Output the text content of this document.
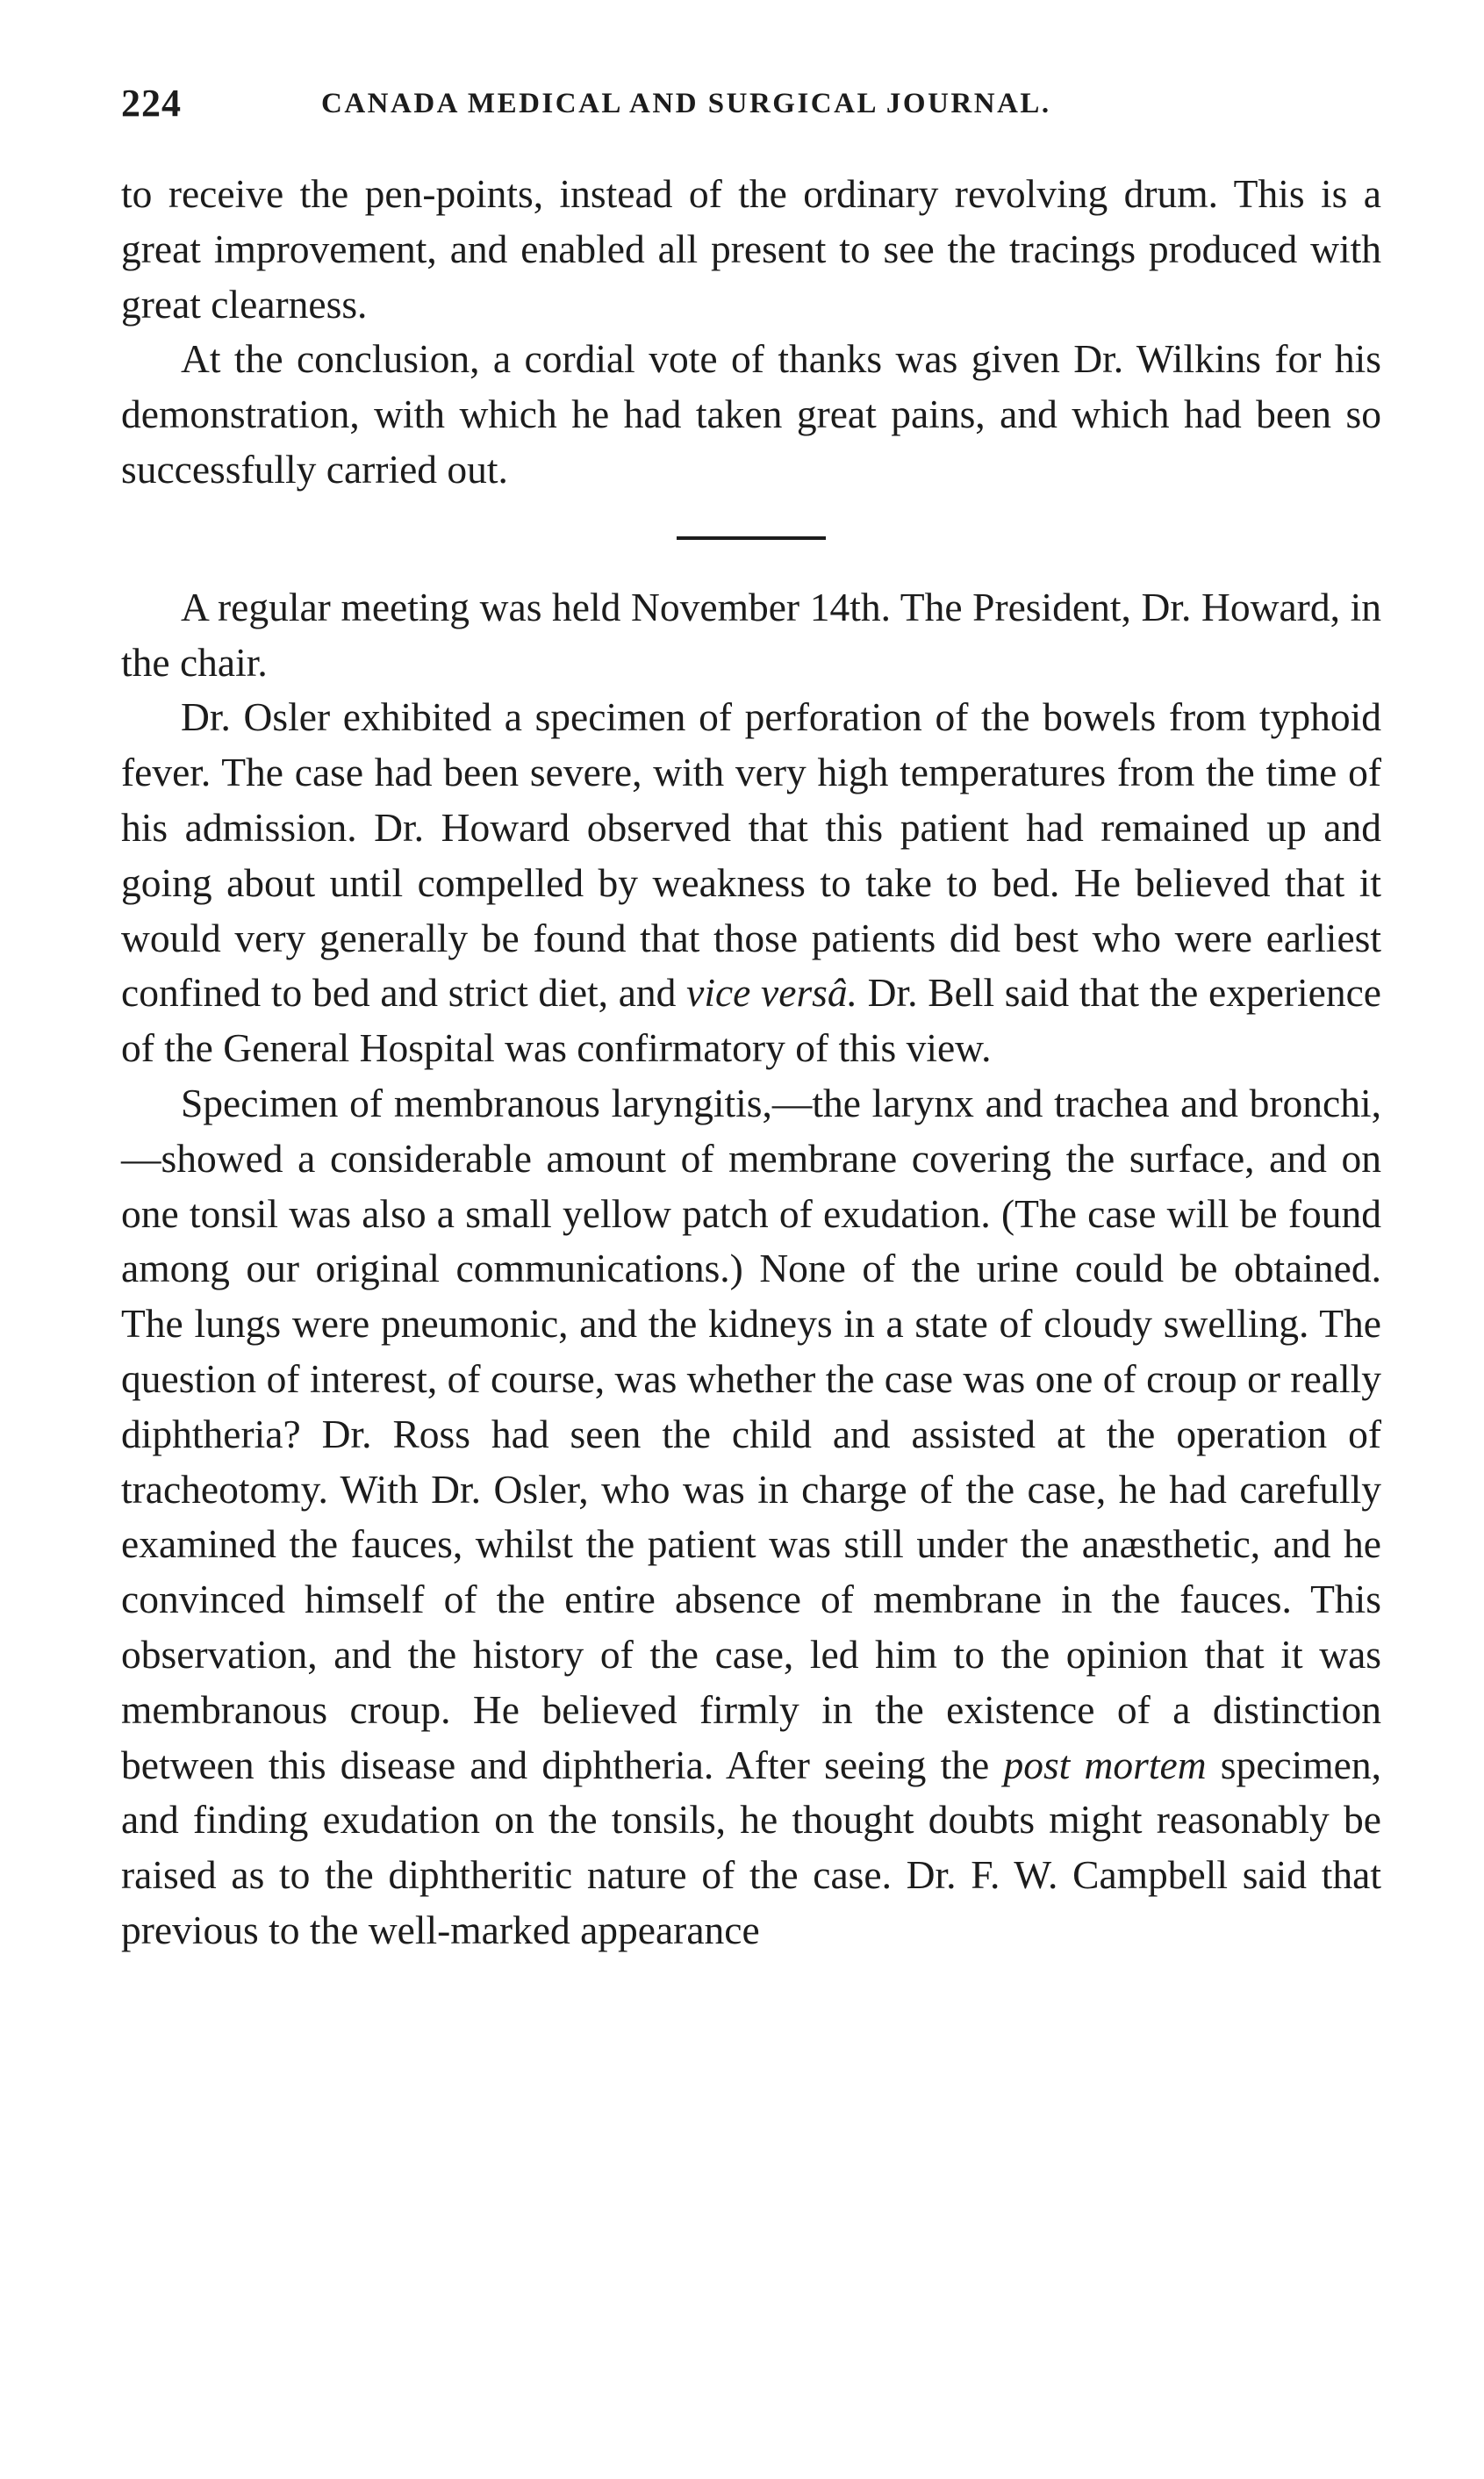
224	CANADA MEDICAL AND SURGICAL JOURNAL.

to receive the pen-points, instead of the ordinary revolving drum. This is a great improvement, and enabled all present to see the tracings produced with great clearness.

At the conclusion, a cordial vote of thanks was given Dr. Wilkins for his demonstration, with which he had taken great pains, and which had been so successfully carried out.

A regular meeting was held November 14th. The President, Dr. Howard, in the chair.

Dr. Osler exhibited a specimen of perforation of the bowels from typhoid fever. The case had been severe, with very high temperatures from the time of his admission. Dr. Howard observed that this patient had remained up and going about until compelled by weakness to take to bed. He believed that it would very generally be found that those patients did best who were earliest confined to bed and strict diet, and vice versâ. Dr. Bell said that the experience of the General Hospital was confirmatory of this view.

Specimen of membranous laryngitis,—the larynx and trachea and bronchi,—showed a considerable amount of membrane covering the surface, and on one tonsil was also a small yellow patch of exudation. (The case will be found among our original communications.) None of the urine could be obtained. The lungs were pneumonic, and the kidneys in a state of cloudy swelling. The question of interest, of course, was whether the case was one of croup or really diphtheria? Dr. Ross had seen the child and assisted at the operation of tracheotomy. With Dr. Osler, who was in charge of the case, he had carefully examined the fauces, whilst the patient was still under the anæsthetic, and he convinced himself of the entire absence of membrane in the fauces. This observation, and the history of the case, led him to the opinion that it was membranous croup. He believed firmly in the existence of a distinction between this disease and diphtheria. After seeing the post mortem specimen, and finding exudation on the tonsils, he thought doubts might reasonably be raised as to the diphtheritic nature of the case. Dr. F. W. Campbell said that previous to the well-marked appearance
